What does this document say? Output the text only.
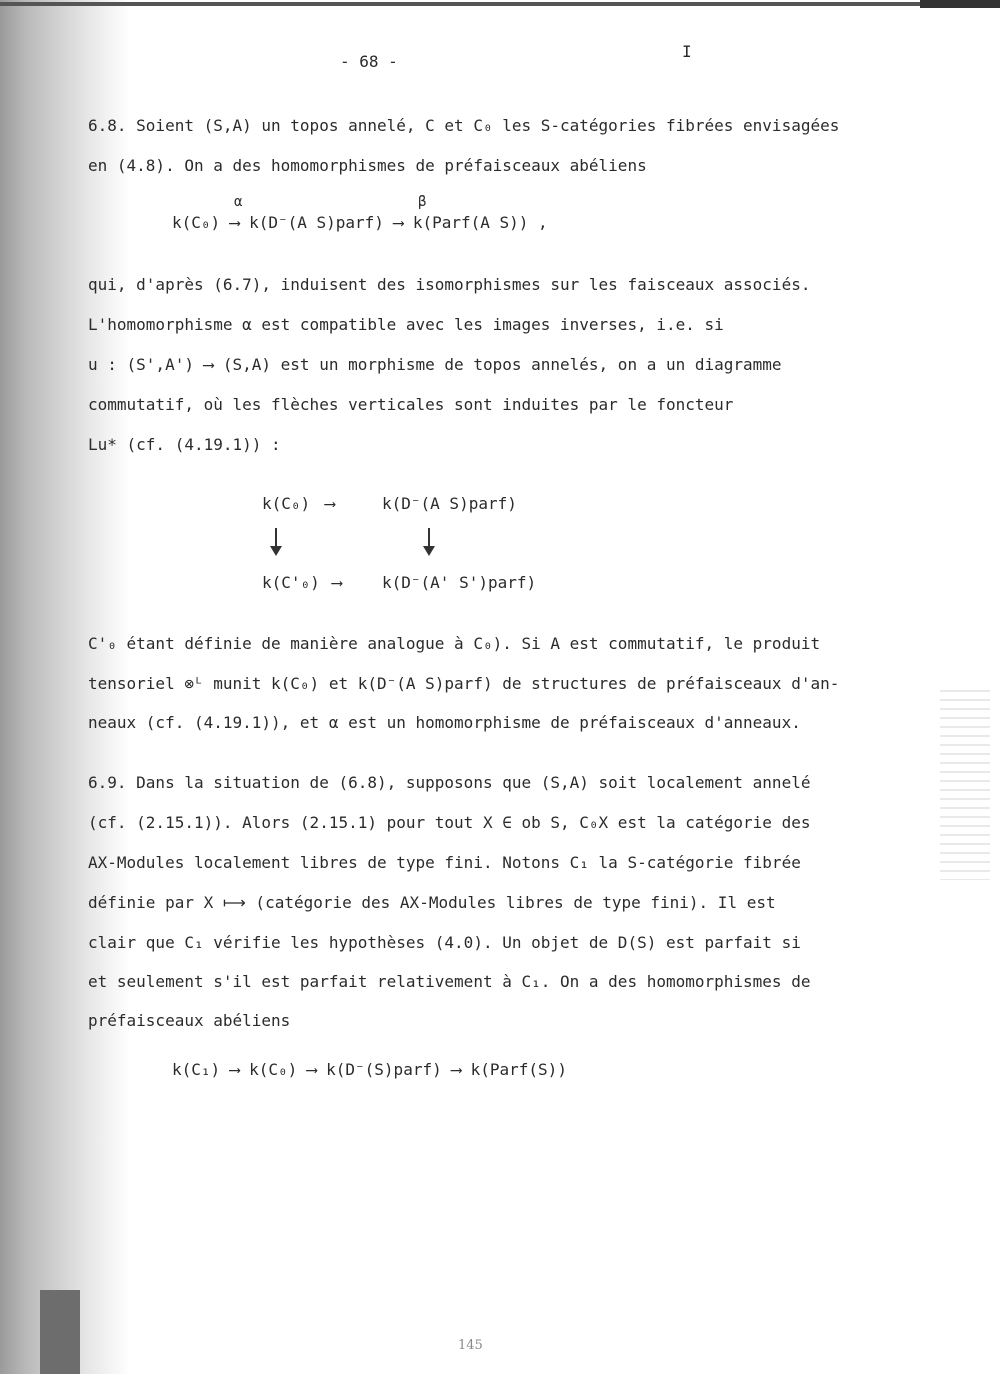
- 68 -
I
6.8. Soient (S,A) un topos annelé, C et C₀ les S-catégories fibrées envisagées
en (4.8). On a des homomorphismes de préfaisceaux abéliens
k(C₀) ⟶ k(D⁻(A S)parf) ⟶ k(Parf(A S)) ,
α	β
qui, d'après (6.7), induisent des isomorphismes sur les faisceaux associés.
L'homomorphisme α est compatible avec les images inverses, i.e. si
u : (S',A') ⟶ (S,A) est un morphisme de topos annelés, on a un diagramme
commutatif, où les flèches verticales sont induites par le foncteur
Lu* (cf. (4.19.1)) :
k(C₀) ⟶	k(D⁻(A S)parf)
k(C'₀) ⟶	k(D⁻(A' S')parf)
C'₀ étant définie de manière analogue à C₀). Si A est commutatif, le produit
tensoriel ⊗ᴸ munit k(C₀) et k(D⁻(A S)parf) de structures de préfaisceaux d'an-
neaux (cf. (4.19.1)), et α est un homomorphisme de préfaisceaux d'anneaux.
6.9. Dans la situation de (6.8), supposons que (S,A) soit localement annelé
(cf. (2.15.1)). Alors (2.15.1) pour tout X ∈ ob S, C₀X est la catégorie des
AX-Modules localement libres de type fini. Notons C₁ la S-catégorie fibrée
définie par X ⟼ (catégorie des AX-Modules libres de type fini). Il est
clair que C₁ vérifie les hypothèses (4.0). Un objet de D(S) est parfait si
et seulement s'il est parfait relativement à C₁. On a des homomorphismes de
préfaisceaux abéliens
k(C₁) ⟶ k(C₀) ⟶ k(D⁻(S)parf) ⟶ k(Parf(S))
145
